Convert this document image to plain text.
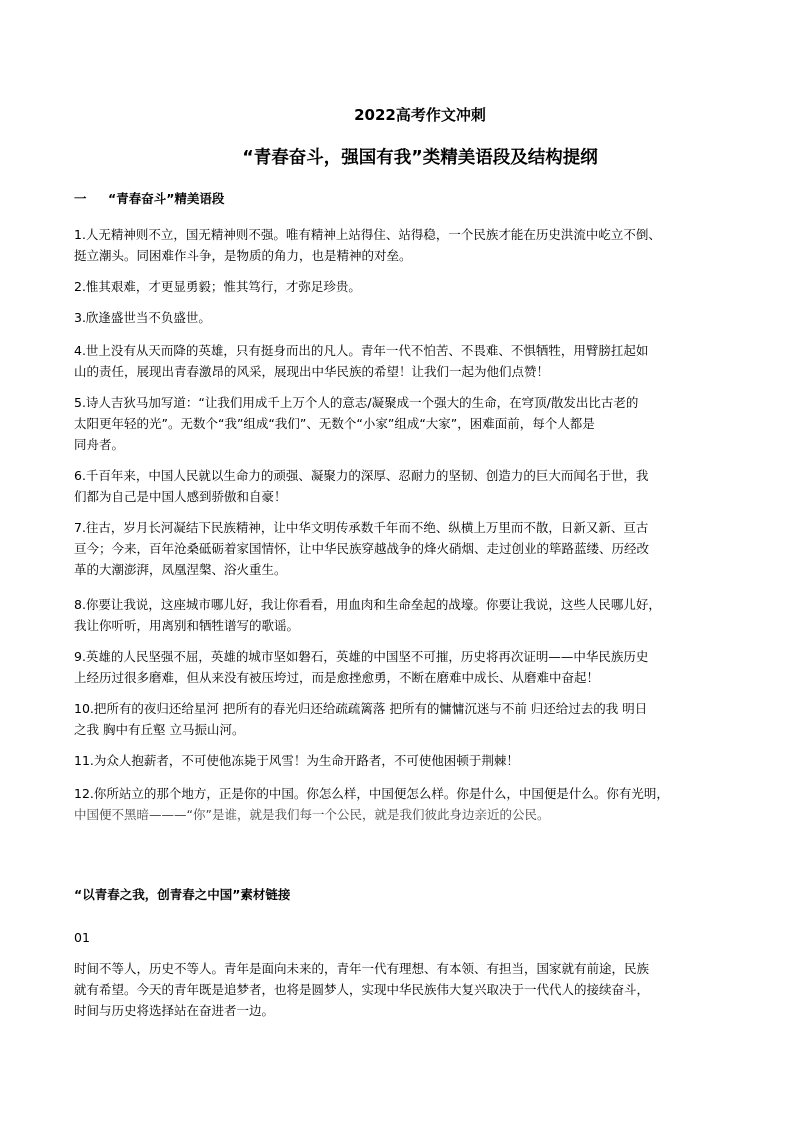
2022高考作文冲刺
“青春奋斗，强国有我”类精美语段及结构提纲
一 “青春奋斗”精美语段
1.人无精神则不立，国无精神则不强。唯有精神上站得住、站得稳，一个民族才能在历史洪流中屹立不倒、
挺立潮头。同困难作斗争，是物质的角力，也是精神的对垒。
2.惟其艰难，才更显勇毅；惟其笃行，才弥足珍贵。
3.欣逢盛世当不负盛世。
4.世上没有从天而降的英雄，只有挺身而出的凡人。青年一代不怕苦、不畏难、不惧牺牲，用臂膀扛起如
山的责任，展现出青春激昂的风采，展现出中华民族的希望！让我们一起为他们点赞！
5.诗人吉狄马加写道：“让我们用成千上万个人的意志/凝聚成一个强大的生命，在穹顶/散发出比古老的
太阳更年轻的光”。无数个“我”组成“我们”、无数个“小家”组成“大家”，困难面前，每个人都是
同舟者。
6.千百年来，中国人民就以生命力的顽强、凝聚力的深厚、忍耐力的坚韧、创造力的巨大而闻名于世，我
们都为自己是中国人感到骄傲和自豪！
7.往古，岁月长河凝结下民族精神，让中华文明传承数千年而不绝、纵横上万里而不散，日新又新、亘古
亘今；今来，百年沧桑砥砺着家国情怀，让中华民族穿越战争的烽火硝烟、走过创业的筚路蓝缕、历经改
革的大潮澎湃，凤凰涅槃、浴火重生。
8.你要让我说，这座城市哪儿好，我让你看看，用血肉和生命垒起的战壕。你要让我说，这些人民哪儿好，
我让你听听，用离别和牺牲谱写的歌谣。
9.英雄的人民坚强不屈，英雄的城市坚如磐石，英雄的中国坚不可摧，历史将再次证明——中华民族历史
上经历过很多磨难，但从来没有被压垮过，而是愈挫愈勇，不断在磨难中成长、从磨难中奋起！
10.把所有的夜归还给星河 把所有的春光归还给疏疏篱落 把所有的慵慵沉迷与不前 归还给过去的我 明日
之我 胸中有丘壑 立马振山河。
11.为众人抱薪者，不可使他冻毙于风雪！为生命开路者，不可使他困顿于荆棘！
12.你所站立的那个地方，正是你的中国。你怎么样，中国便怎么样。你是什么，中国便是什么。你有光明，
中国便不黑暗———“你”是谁，就是我们每一个公民，就是我们彼此身边亲近的公民。
“以青春之我，创青春之中国”素材链接
01
时间不等人，历史不等人。青年是面向未来的，青年一代有理想、有本领、有担当，国家就有前途，民族
就有希望。今天的青年既是追梦者，也将是圆梦人，实现中华民族伟大复兴取决于一代代人的接续奋斗，
时间与历史将选择站在奋进者一边。
